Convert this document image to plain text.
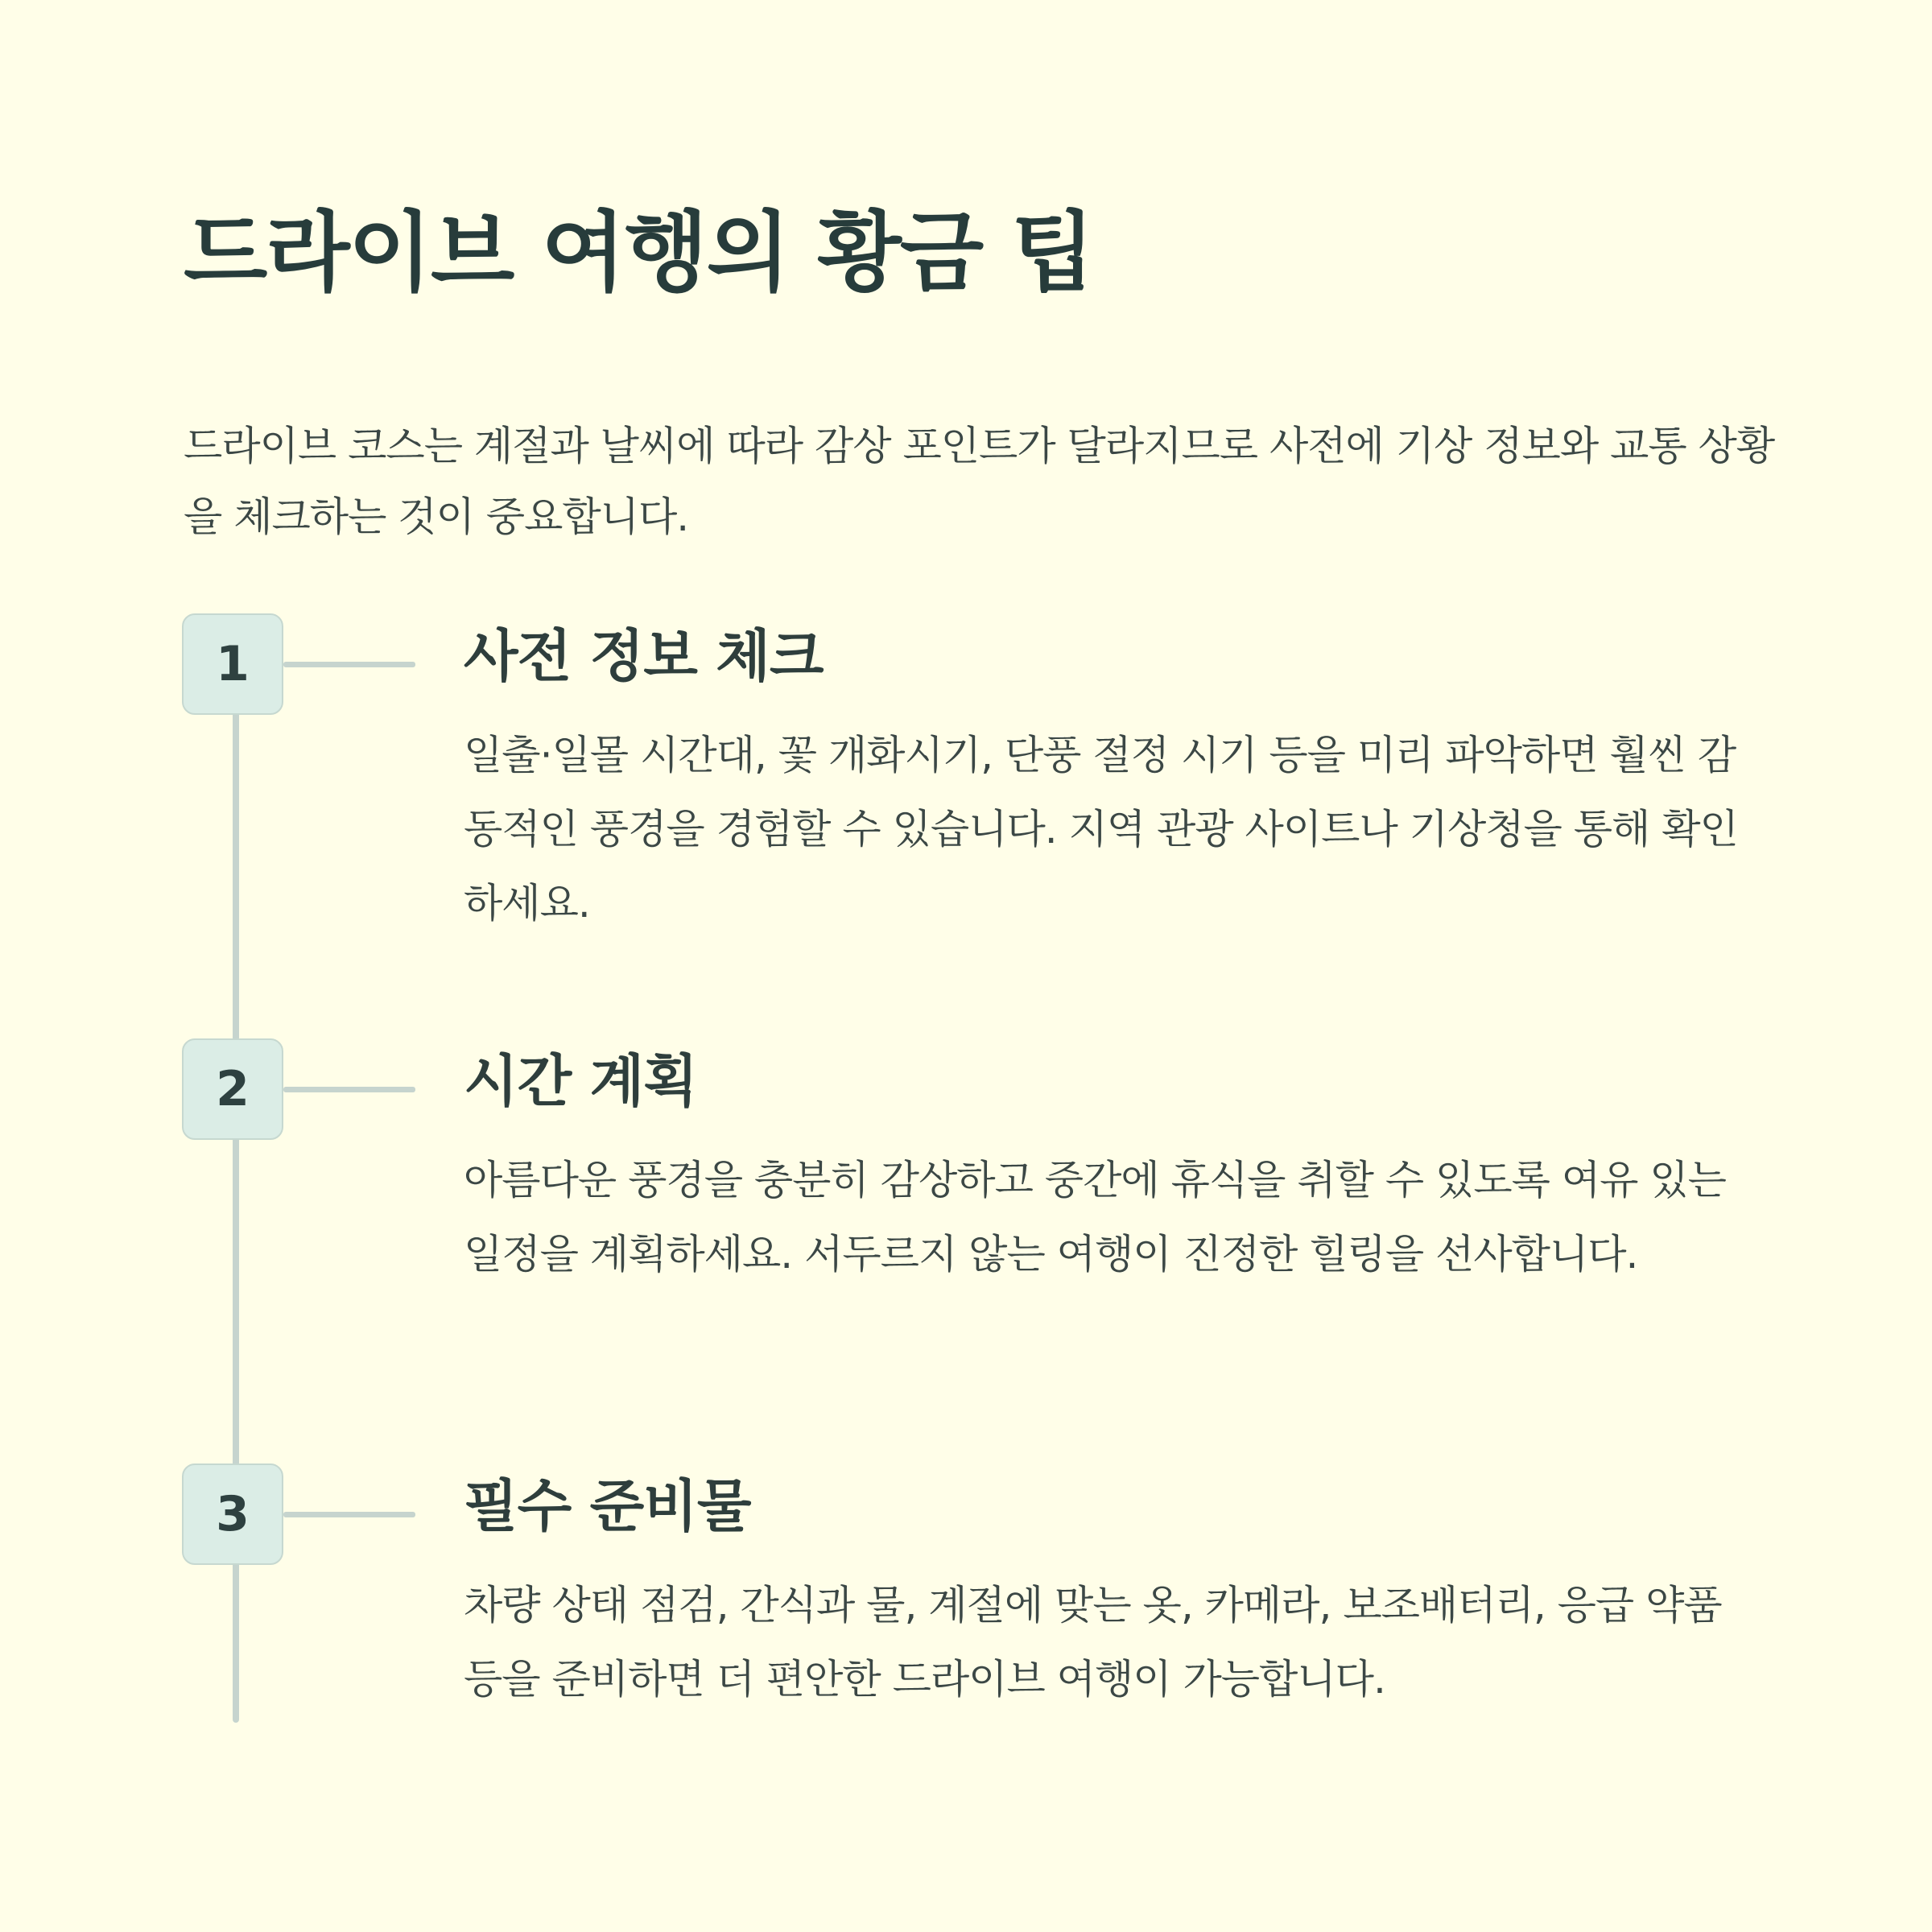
드라이브 여행의 황금 팁

드라이브 코스는 계절과 날씨에 따라 감상 포인트가 달라지므로 사전에 기상 정보와 교통 상황을 체크하는 것이 중요합니다.

1	사전 정보 체크

일출·일몰 시간대, 꽃 개화시기, 단풍 절정 시기 등을 미리 파악하면 훨씬 감동적인 풍경을 경험할 수 있습니다. 지역 관광 사이트나 기상청을 통해 확인하세요.

2	시간 계획

아름다운 풍경을 충분히 감상하고 중간에 휴식을 취할 수 있도록 여유 있는 일정을 계획하세요. 서두르지 않는 여행이 진정한 힐링을 선사합니다.

3	필수 준비물

차량 상태 점검, 간식과 물, 계절에 맞는 옷, 카메라, 보조배터리, 응급 약품 등을 준비하면 더 편안한 드라이브 여행이 가능합니다.
